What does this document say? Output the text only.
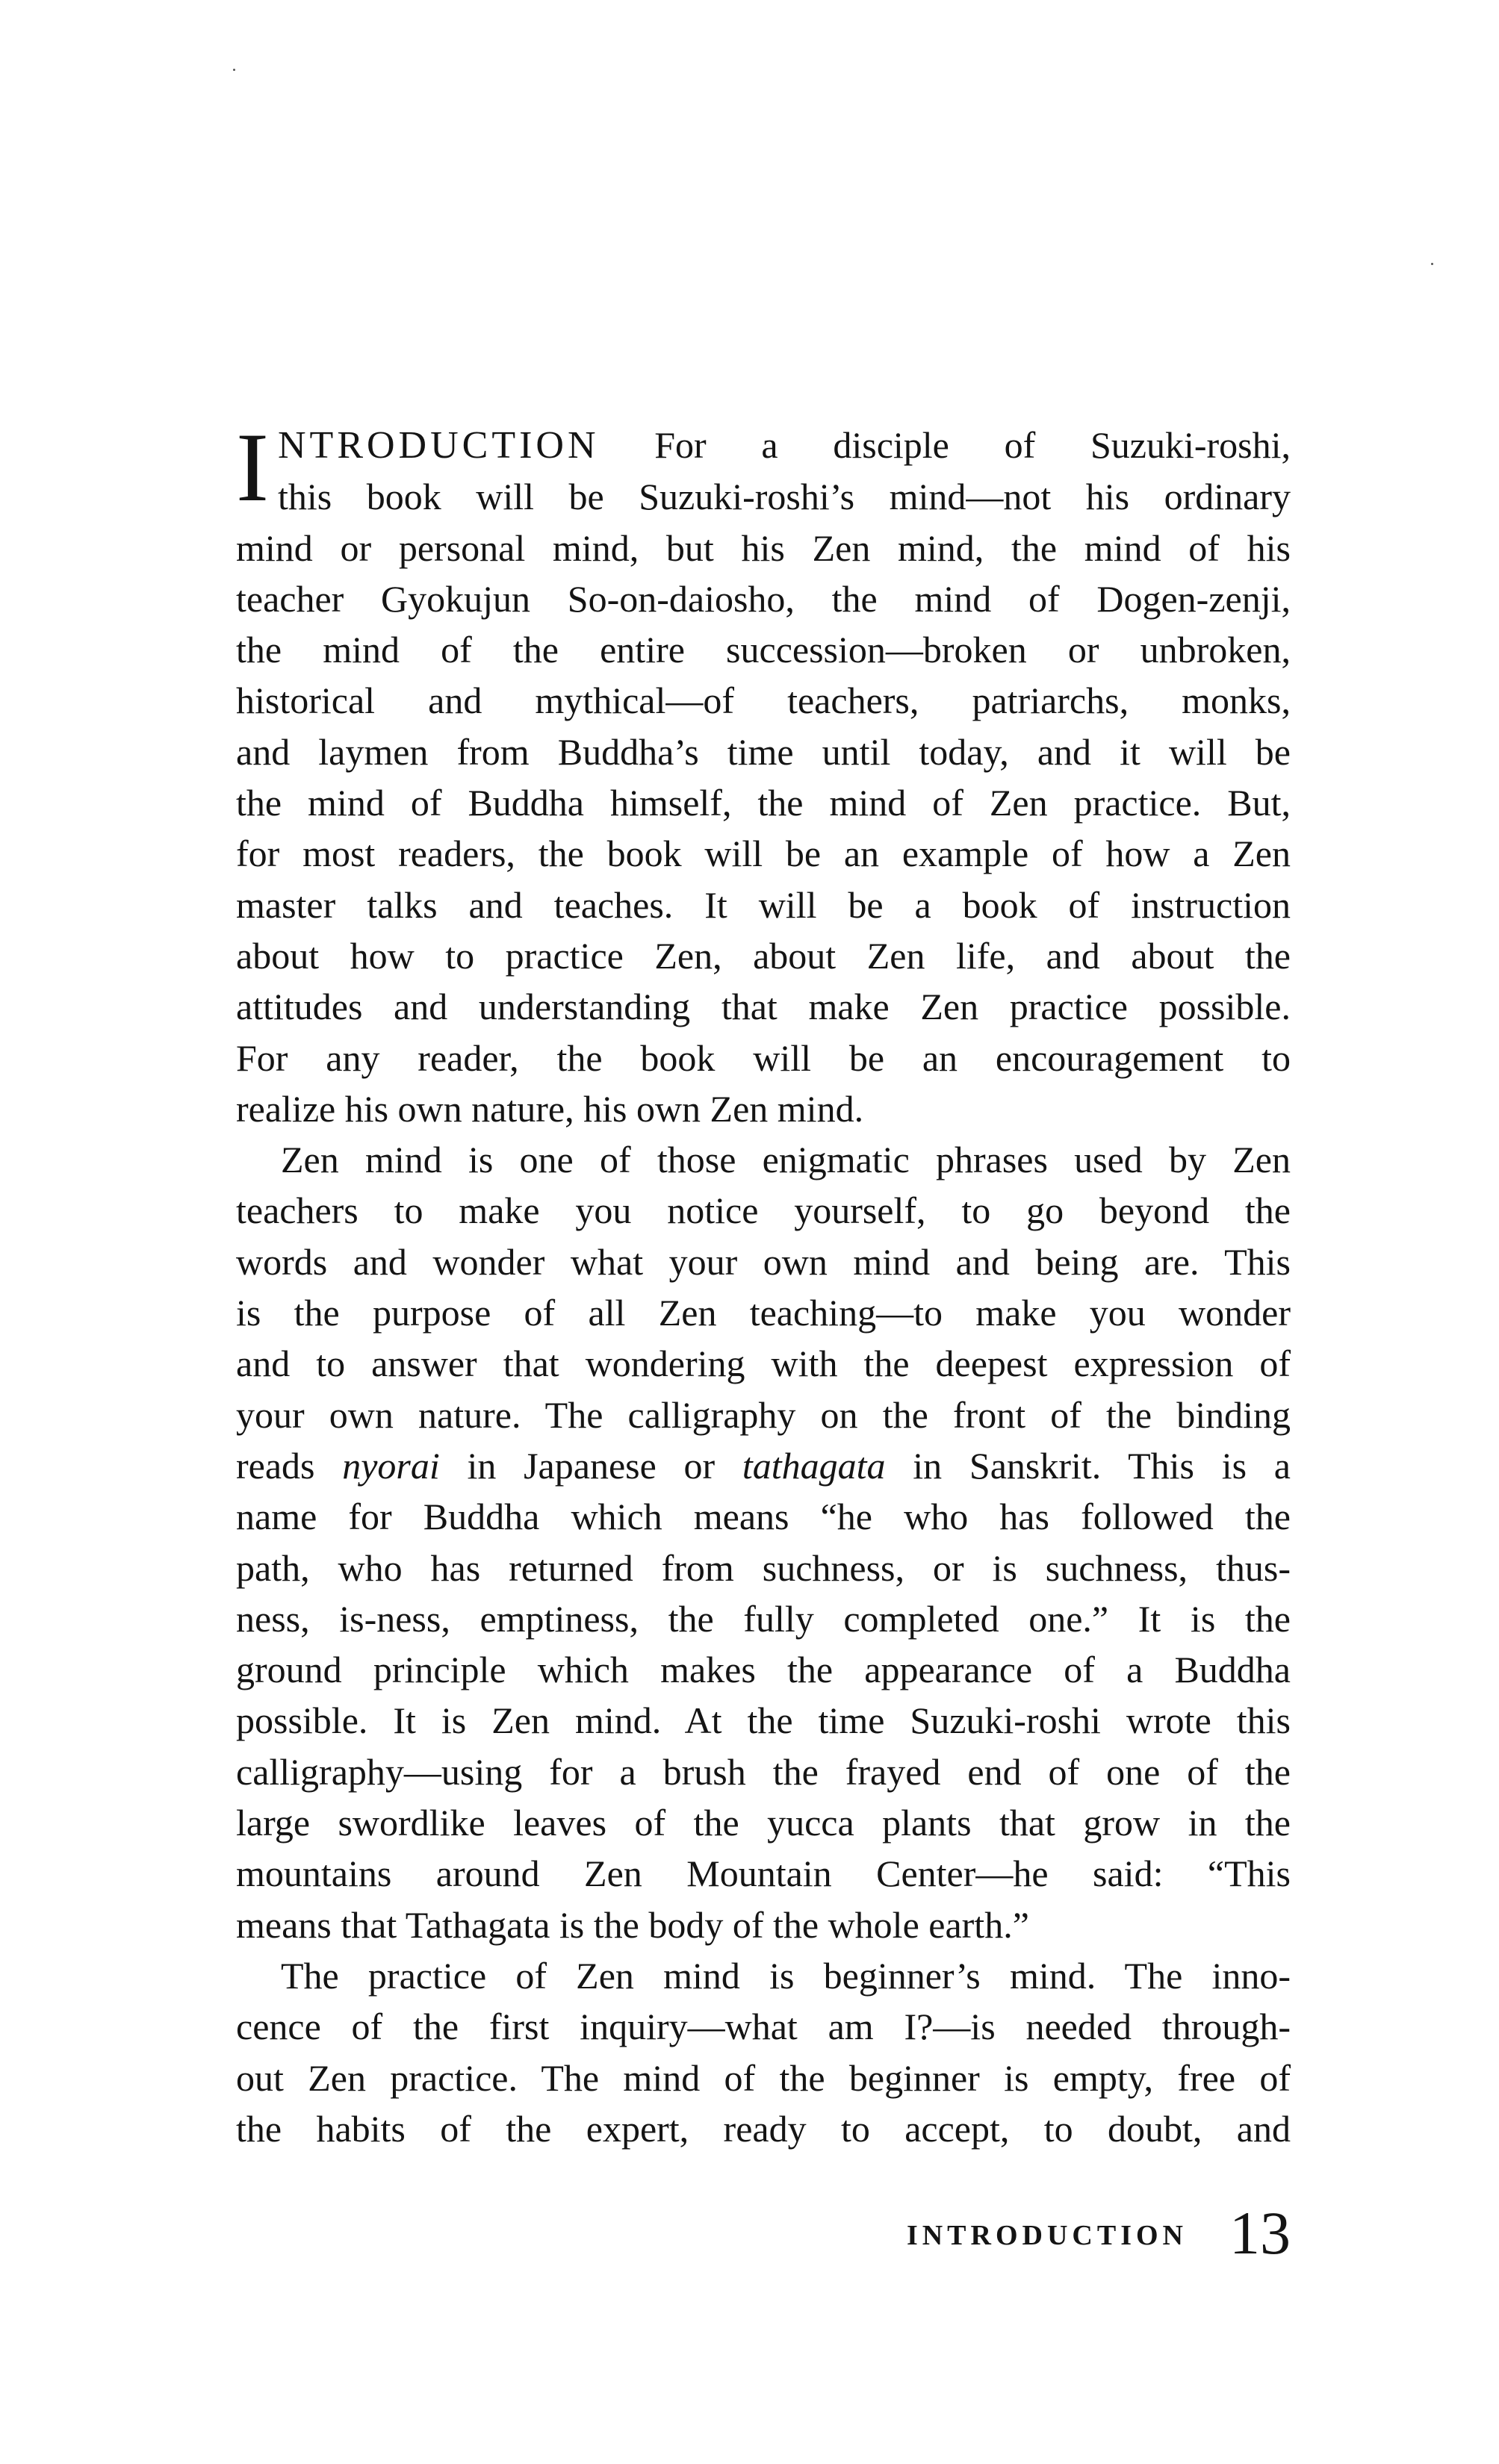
I NTRODUCTION For a disciple of Suzuki-roshi,
this book will be Suzuki-roshi’s mind—not his ordinary
mind or personal mind, but his Zen mind, the mind of his
teacher Gyokujun So-on-daiosho, the mind of Dogen-zenji,
the mind of the entire succession—broken or unbroken,
historical and mythical—of teachers, patriarchs, monks,
and laymen from Buddha’s time until today, and it will be
the mind of Buddha himself, the mind of Zen practice. But,
for most readers, the book will be an example of how a Zen
master talks and teaches. It will be a book of instruction
about how to practice Zen, about Zen life, and about the
attitudes and understanding that make Zen practice possible.
For any reader, the book will be an encouragement to
realize his own nature, his own Zen mind.
Zen mind is one of those enigmatic phrases used by Zen
teachers to make you notice yourself, to go beyond the
words and wonder what your own mind and being are. This
is the purpose of all Zen teaching—to make you wonder
and to answer that wondering with the deepest expression of
your own nature. The calligraphy on the front of the binding
reads nyorai in Japanese or tathagata in Sanskrit. This is a
name for Buddha which means “he who has followed the
path, who has returned from suchness, or is suchness, thus-
ness, is-ness, emptiness, the fully completed one.” It is the
ground principle which makes the appearance of a Buddha
possible. It is Zen mind. At the time Suzuki-roshi wrote this
calligraphy—using for a brush the frayed end of one of the
large swordlike leaves of the yucca plants that grow in the
mountains around Zen Mountain Center—he said: “This
means that Tathagata is the body of the whole earth.”
The practice of Zen mind is beginner’s mind. The inno-
cence of the first inquiry—what am I?—is needed through-
out Zen practice. The mind of the beginner is empty, free of
the habits of the expert, ready to accept, to doubt, and
INTRODUCTION 13
